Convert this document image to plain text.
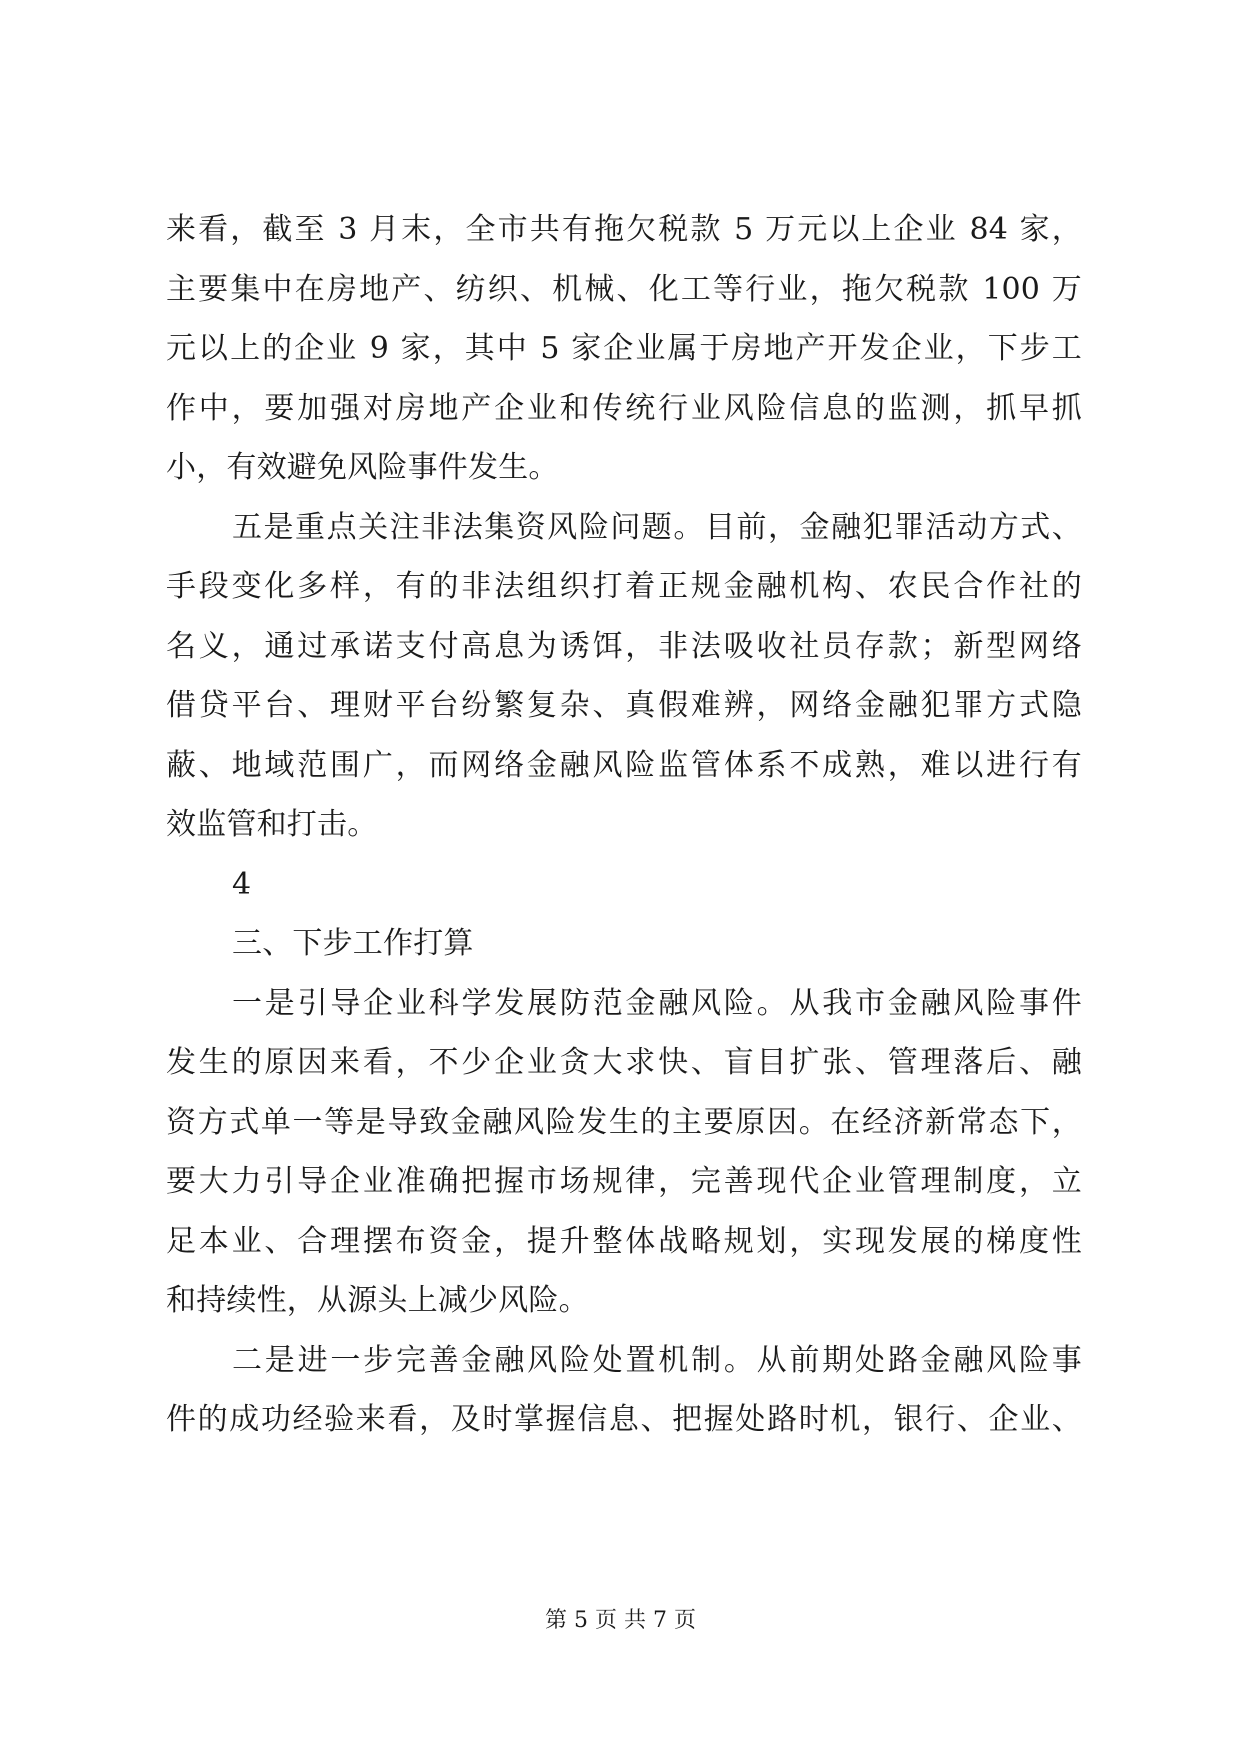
来看，截至 3 月末，全市共有拖欠税款 5 万元以上企业 84 家，
主要集中在房地产、纺织、机械、化工等行业，拖欠税款 100 万
元以上的企业 9 家，其中 5 家企业属于房地产开发企业，下步工
作中，要加强对房地产企业和传统行业风险信息的监测，抓早抓
小，有效避免风险事件发生。
五是重点关注非法集资风险问题。目前，金融犯罪活动方式、
手段变化多样，有的非法组织打着正规金融机构、农民合作社的
名义，通过承诺支付高息为诱饵，非法吸收社员存款；新型网络
借贷平台、理财平台纷繁复杂、真假难辨，网络金融犯罪方式隐
蔽、地域范围广，而网络金融风险监管体系不成熟，难以进行有
效监管和打击。
4
三、下步工作打算
一是引导企业科学发展防范金融风险。从我市金融风险事件
发生的原因来看，不少企业贪大求快、盲目扩张、管理落后、融
资方式单一等是导致金融风险发生的主要原因。在经济新常态下，
要大力引导企业准确把握市场规律，完善现代企业管理制度，立
足本业、合理摆布资金，提升整体战略规划，实现发展的梯度性
和持续性，从源头上减少风险。
二是进一步完善金融风险处置机制。从前期处路金融风险事
件的成功经验来看，及时掌握信息、把握处路时机，银行、企业、
第 5 页 共 7 页
